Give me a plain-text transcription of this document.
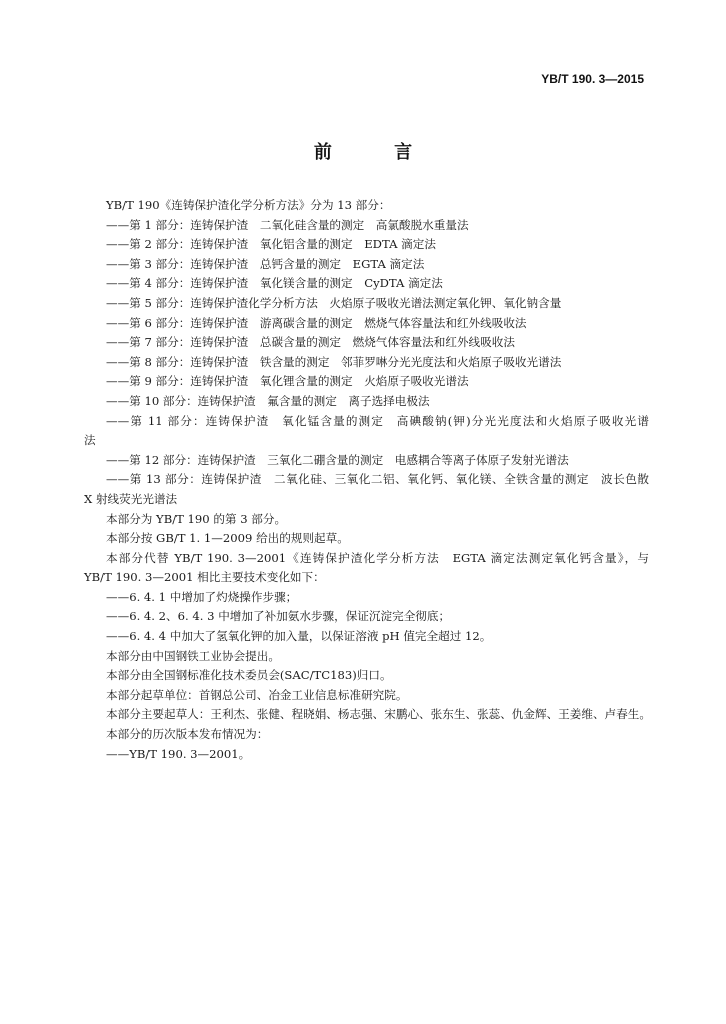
YB/T 190. 3—2015
前 言
YB/T 190《连铸保护渣化学分析方法》分为 13 部分：
——第 1 部分：连铸保护渣　二氧化硅含量的测定　高氯酸脱水重量法
——第 2 部分：连铸保护渣　氧化铝含量的测定　EDTA 滴定法
——第 3 部分：连铸保护渣　总钙含量的测定　EGTA 滴定法
——第 4 部分：连铸保护渣　氧化镁含量的测定　CyDTA 滴定法
——第 5 部分：连铸保护渣化学分析方法　火焰原子吸收光谱法测定氧化钾、氧化钠含量
——第 6 部分：连铸保护渣　游离碳含量的测定　燃烧气体容量法和红外线吸收法
——第 7 部分：连铸保护渣　总碳含量的测定　燃烧气体容量法和红外线吸收法
——第 8 部分：连铸保护渣　铁含量的测定　邻菲罗啉分光光度法和火焰原子吸收光谱法
——第 9 部分：连铸保护渣　氧化锂含量的测定　火焰原子吸收光谱法
——第 10 部分：连铸保护渣　氟含量的测定　离子选择电极法
——第 11 部分：连铸保护渣　氧化锰含量的测定　高碘酸钠(钾)分光光度法和火焰原子吸收光谱
法
——第 12 部分：连铸保护渣　三氧化二硼含量的测定　电感耦合等离子体原子发射光谱法
——第 13 部分：连铸保护渣　二氧化硅、三氧化二铝、氧化钙、氧化镁、全铁含量的测定　波长色散
X 射线荧光光谱法
本部分为 YB/T 190 的第 3 部分。
本部分按 GB/T 1. 1—2009 给出的规则起草。
本部分代替 YB/T 190. 3—2001《连铸保护渣化学分析方法　EGTA 滴定法测定氧化钙含量》，与
YB/T 190. 3—2001 相比主要技术变化如下：
——6. 4. 1 中增加了灼烧操作步骤；
——6. 4. 2、6. 4. 3 中增加了补加氨水步骤，保证沉淀完全彻底；
——6. 4. 4 中加大了氢氧化钾的加入量，以保证溶液 pH 值完全超过 12。
本部分由中国钢铁工业协会提出。
本部分由全国钢标准化技术委员会(SAC/TC183)归口。
本部分起草单位：首钢总公司、冶金工业信息标准研究院。
本部分主要起草人：王利杰、张健、程晓娟、杨志强、宋鹏心、张东生、张蕊、仇金辉、王姜维、卢春生。
本部分的历次版本发布情况为：
——YB/T 190. 3—2001。
